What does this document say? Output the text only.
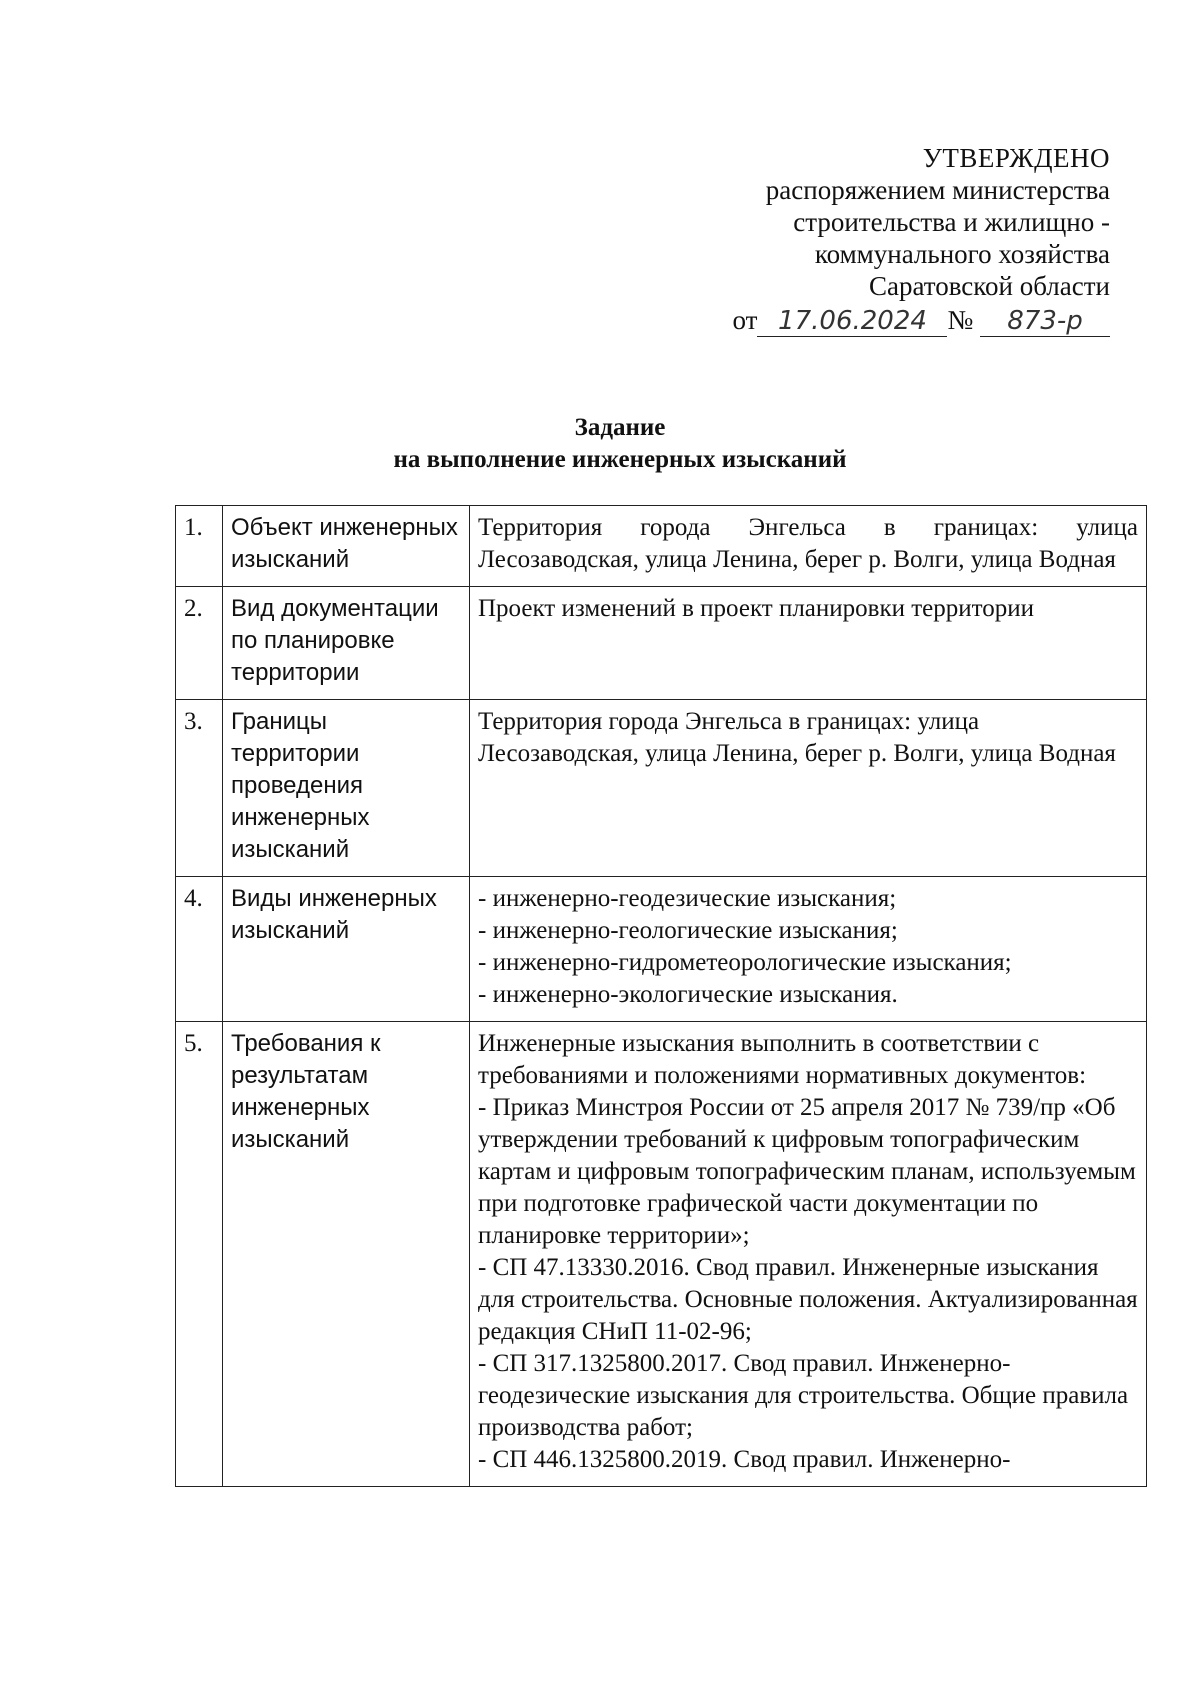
УТВЕРЖДЕНО
распоряжением министерства
строительства и жилищно -
коммунального хозяйства
Саратовской области
от 17.06.2024 № 873-р
Задание
на выполнение инженерных изысканий
1.	Объект инженерных изысканий	Территория города Энгельса в границах: улица Лесозаводская, улица Ленина, берег р. Волги, улица Водная

2.	Вид документации по планировке территории	Проект изменений в проект планировки территории

3.	Границы территории проведения инженерных изысканий	Территория города Энгельса в границах: улица Лесозаводская, улица Ленина, берег р. Волги, улица Водная

4.	Виды инженерных изысканий	- инженерно-геодезические изыскания;
- инженерно-геологические изыскания;
- инженерно-гидрометеорологические изыскания;
- инженерно-экологические изыскания.

5.	Требования к результатам инженерных изысканий	Инженерные изыскания выполнить в соответствии с требованиями и положениями нормативных документов:
- Приказ Минстроя России от 25 апреля 2017 № 739/пр «Об утверждении требований к цифровым топографическим картам и цифровым топографическим планам, используемым при подготовке графической части документации по планировке территории»;
- СП 47.13330.2016. Свод правил. Инженерные изыскания для строительства. Основные положения. Актуализированная редакция СНиП 11-02-96;
- СП 317.1325800.2017. Свод правил. Инженерно-геодезические изыскания для строительства. Общие правила производства работ;
- СП 446.1325800.2019. Свод правил. Инженерно-
